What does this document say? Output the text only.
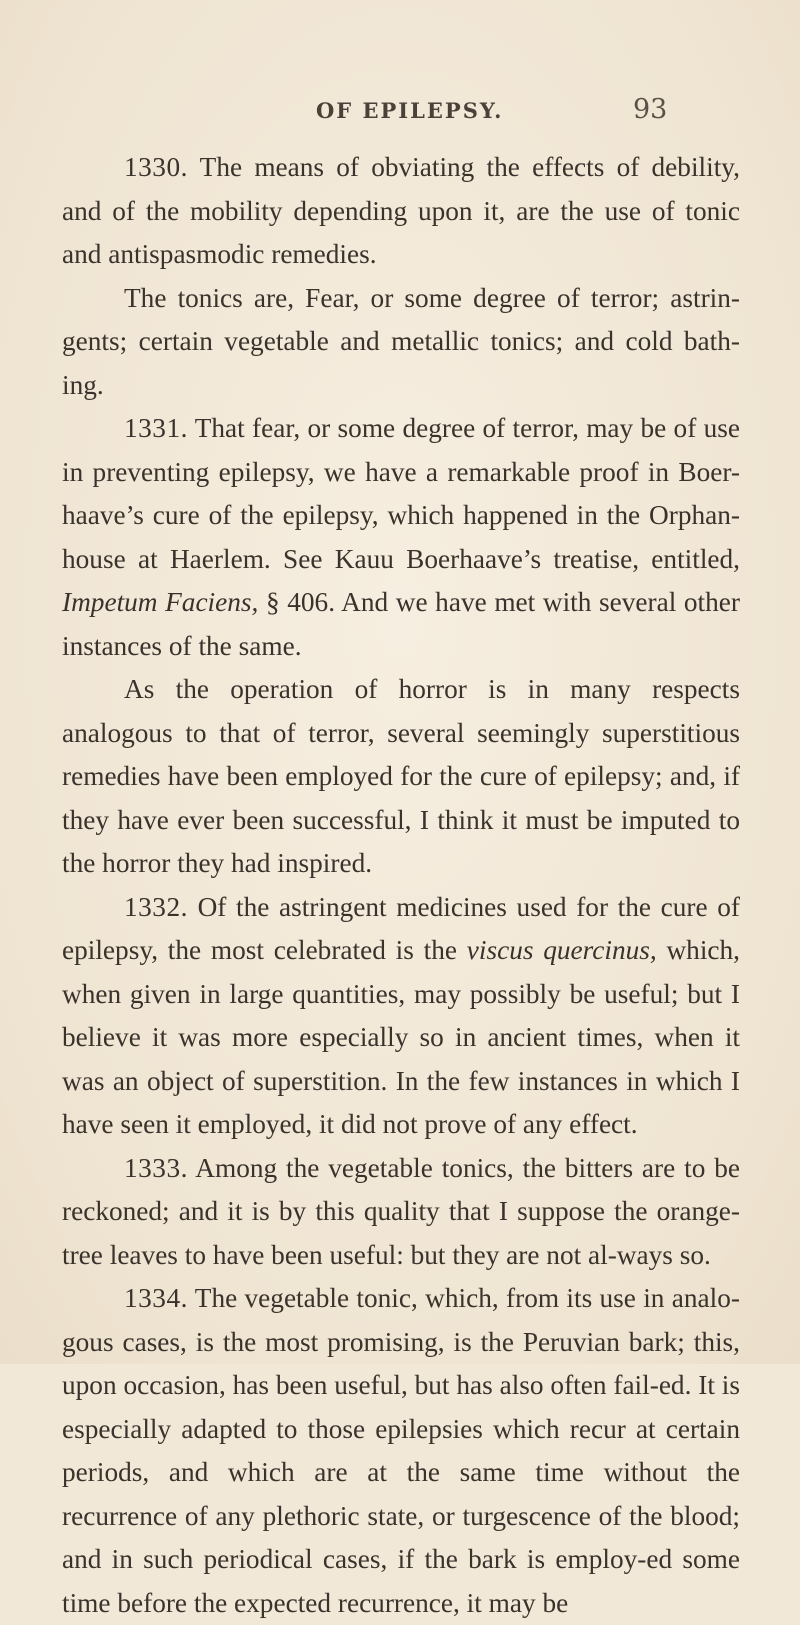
OF EPILEPSY.	93

1330. The means of obviating the effects of debility, and of the mobility depending upon it, are the use of tonic and antispasmodic remedies.

The tonics are, Fear, or some degree of terror; astrin-gents; certain vegetable and metallic tonics; and cold bath-ing.

1331. That fear, or some degree of terror, may be of use in preventing epilepsy, we have a remarkable proof in Boer-haave’s cure of the epilepsy, which happened in the Orphan-house at Haerlem. See Kauu Boerhaave’s treatise, entitled, Impetum Faciens, § 406. And we have met with several other instances of the same.

As the operation of horror is in many respects analogous to that of terror, several seemingly superstitious remedies have been employed for the cure of epilepsy; and, if they have ever been successful, I think it must be imputed to the horror they had inspired.

1332. Of the astringent medicines used for the cure of epilepsy, the most celebrated is the viscus quercinus, which, when given in large quantities, may possibly be useful; but I believe it was more especially so in ancient times, when it was an object of superstition. In the few instances in which I have seen it employed, it did not prove of any effect.

1333. Among the vegetable tonics, the bitters are to be reckoned; and it is by this quality that I suppose the orange-tree leaves to have been useful: but they are not al-ways so.

1334. The vegetable tonic, which, from its use in analo-gous cases, is the most promising, is the Peruvian bark; this, upon occasion, has been useful, but has also often fail-ed. It is especially adapted to those epilepsies which recur at certain periods, and which are at the same time without the recurrence of any plethoric state, or turgescence of the blood; and in such periodical cases, if the bark is employ-ed some time before the expected recurrence, it may be
